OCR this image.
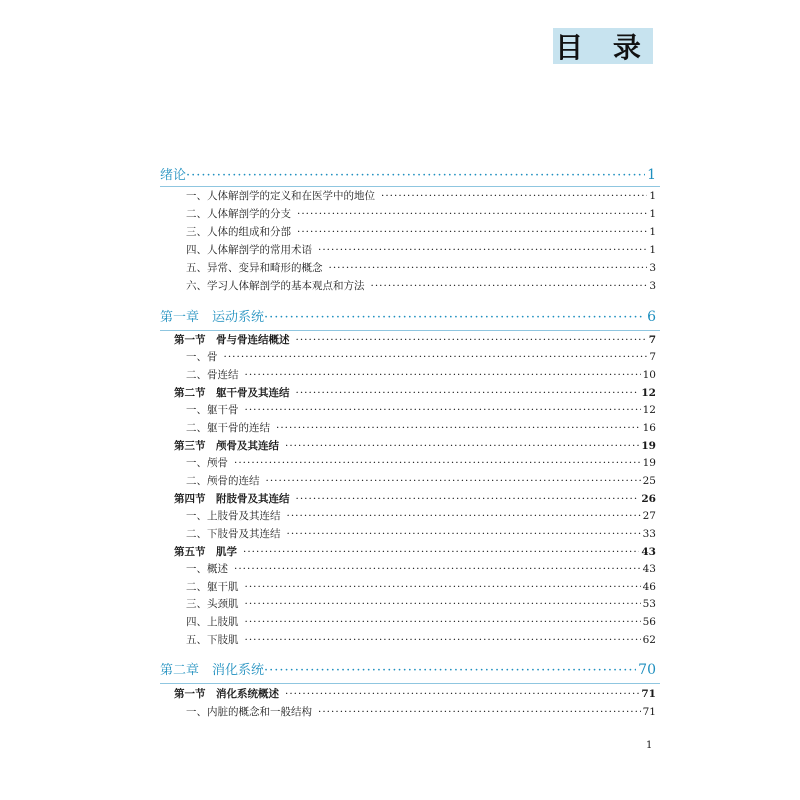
目 录
绪论 ·····	1
一、人体解剖学的定义和在医学中的地位 ·····	1
二、人体解剖学的分支 ·····	1
三、人体的组成和分部 ·····	1
四、人体解剖学的常用术语 ·····	1
五、异常、变异和畸形的概念 ·····	3
六、学习人体解剖学的基本观点和方法 ·····	3
第一章　运动系统 ·····	6
第一节　骨与骨连结概述 ·····	7
一、骨 ·····	7
二、骨连结 ·····	10
第二节　躯干骨及其连结 ·····	12
一、躯干骨 ·····	12
二、躯干骨的连结 ·····	16
第三节　颅骨及其连结 ·····	19
一、颅骨 ·····	19
二、颅骨的连结 ·····	25
第四节　附肢骨及其连结 ·····	26
一、上肢骨及其连结 ·····	27
二、下肢骨及其连结 ·····	33
第五节　肌学 ·····	43
一、概述 ·····	43
二、躯干肌 ·····	46
三、头颈肌 ·····	53
四、上肢肌 ·····	56
五、下肢肌 ·····	62
第二章　消化系统 ·····	70
第一节　消化系统概述 ·····	71
一、内脏的概念和一般结构 ·····	71
1
